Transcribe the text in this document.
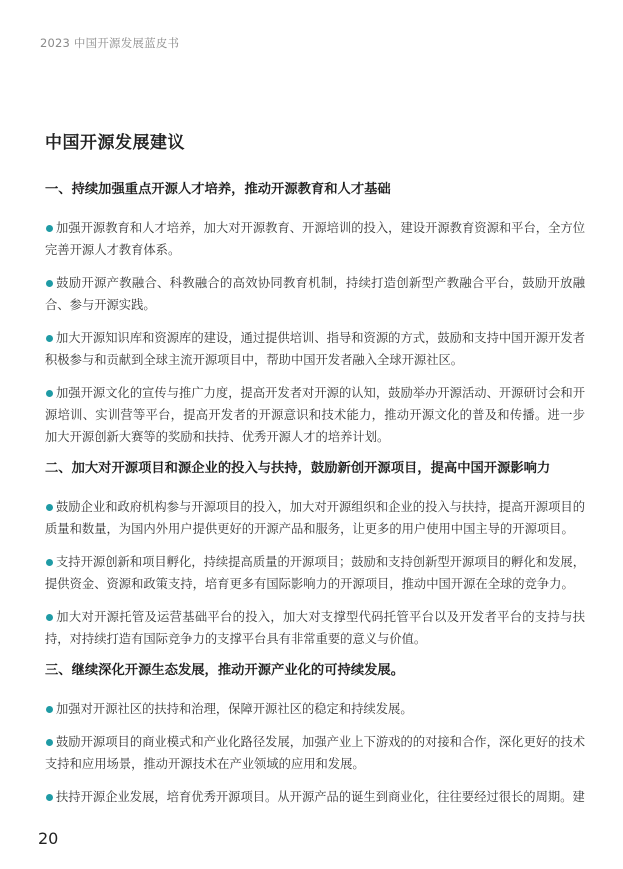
2023 中国开源发展蓝皮书
中国开源发展建议
一、持续加强重点开源人才培养，推动开源教育和人才基础

加强开源教育和人才培养，加大对开源教育、开源培训的投入，建设开源教育资源和平台，全方位完善开源人才教育体系。

鼓励开源产教融合、科教融合的高效协同教育机制，持续打造创新型产教融合平台，鼓励开放融合、参与开源实践。

加大开源知识库和资源库的建设，通过提供培训、指导和资源的方式，鼓励和支持中国开源开发者积极参与和贡献到全球主流开源项目中，帮助中国开发者融入全球开源社区。

加强开源文化的宣传与推广力度，提高开发者对开源的认知，鼓励举办开源活动、开源研讨会和开源培训、实训营等平台，提高开发者的开源意识和技术能力，推动开源文化的普及和传播。进一步加大开源创新大赛等的奖励和扶持、优秀开源人才的培养计划。

二、加大对开源项目和源企业的投入与扶持，鼓励新创开源项目，提高中国开源影响力

鼓励企业和政府机构参与开源项目的投入，加大对开源组织和企业的投入与扶持，提高开源项目的质量和数量，为国内外用户提供更好的开源产品和服务，让更多的用户使用中国主导的开源项目。

支持开源创新和项目孵化，持续提高质量的开源项目；鼓励和支持创新型开源项目的孵化和发展，提供资金、资源和政策支持，培育更多有国际影响力的开源项目，推动中国开源在全球的竞争力。

加大对开源托管及运营基础平台的投入，加大对支撑型代码托管平台以及开发者平台的支持与扶持，对持续打造有国际竞争力的支撑平台具有非常重要的意义与价值。

三、继续深化开源生态发展，推动开源产业化的可持续发展。

加强对开源社区的扶持和治理，保障开源社区的稳定和持续发展。

鼓励开源项目的商业模式和产业化路径发展，加强产业上下游戏的的对接和合作，深化更好的技术支持和应用场景，推动开源技术在产业领域的应用和发展。

扶持开源企业发展，培育优秀开源项目。从开源产品的诞生到商业化，往往要经过很长的周期。建

20
